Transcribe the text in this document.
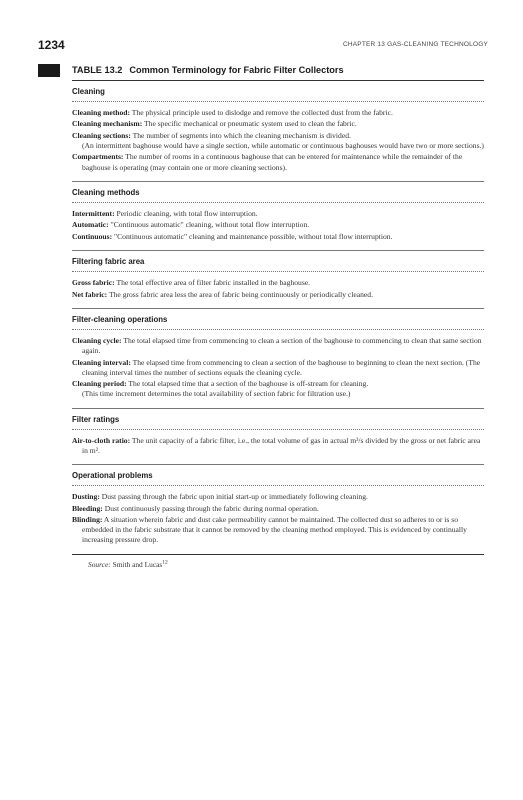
1234	CHAPTER 13 GAS-CLEANING TECHNOLOGY
TABLE 13.2 Common Terminology for Fabric Filter Collectors
Cleaning
Cleaning method: The physical principle used to dislodge and remove the collected dust from the fabric.
Cleaning mechanism: The specific mechanical or pneumatic system used to clean the fabric.
Cleaning sections: The number of segments into which the cleaning mechanism is divided.
(An intermittent baghouse would have a single section, while automatic or continuous baghouses would have two or more sections.)
Compartments: The number of rooms in a continuous baghouse that can be entered for maintenance while the remainder of the baghouse is operating (may contain one or more cleaning sections).
Cleaning methods
Intermittent: Periodic cleaning, with total flow interruption.
Automatic: "Continuous automatic" cleaning, without total flow interruption.
Continuous: "Continuous automatic" cleaning and maintenance possible, without total flow interruption.
Filtering fabric area
Gross fabric: The total effective area of filter fabric installed in the baghouse.
Net fabric: The gross fabric area less the area of fabric being continuously or periodically cleaned.
Filter-cleaning operations
Cleaning cycle: The total elapsed time from commencing to clean a section of the baghouse to commencing to clean that same section again.
Cleaning interval: The elapsed time from commencing to clean a section of the baghouse to beginning to clean the next section. (The cleaning interval times the number of sections equals the cleaning cycle.
Cleaning period: The total elapsed time that a section of the baghouse is off-stream for cleaning.
(This time increment determines the total availability of section fabric for filtration use.)
Filter ratings
Air-to-cloth ratio: The unit capacity of a fabric filter, i.e., the total volume of gas in actual m³/s divided by the gross or net fabric area in m².
Operational problems
Dusting: Dust passing through the fabric upon initial start-up or immediately following cleaning.
Bleeding: Dust continuously passing through the fabric during normal operation.
Blinding: A situation wherein fabric and dust cake permeability cannot be maintained. The collected dust so adheres to or is so embedded in the fabric substrate that it cannot be removed by the cleaning method employed. This is evidenced by continually increasing pressure drop.
Source: Smith and Lucas$^{12}$
